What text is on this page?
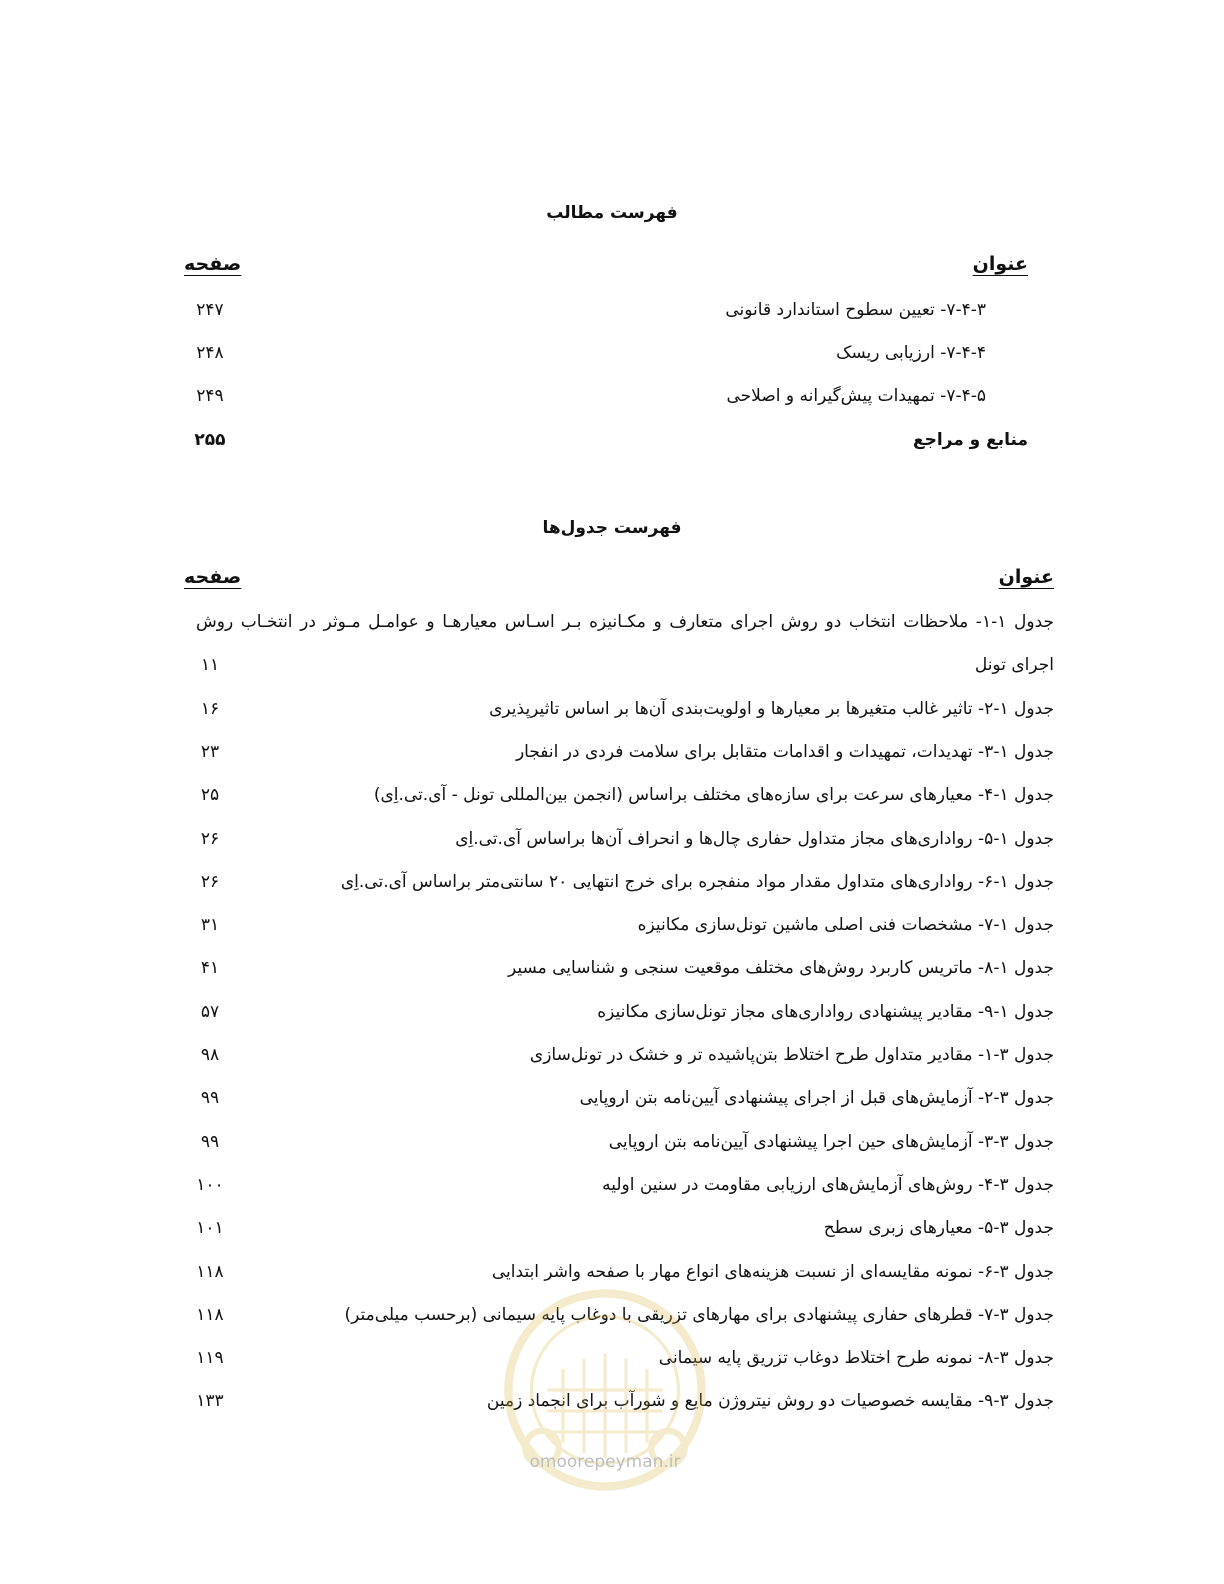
فهرست مطالب
عنوان
صفحه
۷-۴-۳- تعیین سطوح استاندارد قانونی
۲۴۷
۷-۴-۴- ارزیابی ریسک
۲۴۸
۷-۴-۵- تمهیدات پیش‌گیرانه و اصلاحی
۲۴۹
منابع و مراجع
۲۵۵
فهرست جدول‌ها
عنوان
صفحه
جدول ۱-۱- ملاحظات انتخاب دو روش اجرای متعارف و مکـانیزه بـر اسـاس معیارهـا و عوامـل مـوثر در انتخـاب روش
اجرای تونل
۱۱
جدول ۱-۲- تاثیر غالب متغیرها بر معیارها و اولویت‌بندی آن‌ها بر اساس تاثیرپذیری
۱۶
جدول ۱-۳- تهدیدات، تمهیدات و اقدامات متقابل برای سلامت فردی در انفجار
۲۳
جدول ۱-۴- معیارهای سرعت برای سازه‌های مختلف براساس (انجمن بین‌المللی تونل - آی.تی.اِی)
۲۵
جدول ۱-۵- رواداری‌های مجاز متداول حفاری چال‌ها و انحراف آن‌ها براساس آی.تی.اِی
۲۶
جدول ۱-۶- رواداری‌های متداول مقدار مواد منفجره برای خرج انتهایی ۲۰ سانتی‌متر براساس آی.تی.اِی
۲۶
جدول ۱-۷- مشخصات فنی اصلی ماشین تونل‌سازی مکانیزه
۳۱
جدول ۱-۸- ماتریس کاربرد روش‌های مختلف موقعیت سنجی و شناسایی مسیر
۴۱
جدول ۱-۹- مقادیر پیشنهادی رواداری‌های مجاز تونل‌سازی مکانیزه
۵۷
جدول ۳-۱- مقادیر متداول طرح اختلاط بتن‌پاشیده تر و خشک در تونل‌سازی
۹۸
جدول ۳-۲- آزمایش‌های قبل از اجرای پیشنهادی آیین‌نامه بتن اروپایی
۹۹
جدول ۳-۳- آزمایش‌های حین اجرا پیشنهادی آیین‌نامه بتن اروپایی
۹۹
جدول ۳-۴- روش‌های آزمایش‌های ارزیابی مقاومت در سنین اولیه
۱۰۰
جدول ۳-۵- معیارهای زبری سطح
۱۰۱
جدول ۳-۶- نمونه مقایسه‌ای از نسبت هزینه‌های انواع مهار با صفحه واشر ابتدایی
۱۱۸
جدول ۳-۷- قطرهای حفاری پیشنهادی برای مهارهای تزریقی با دوغاب پایه سیمانی (برحسب میلی‌متر)
۱۱۸
جدول ۳-۸- نمونه طرح اختلاط دوغاب تزریق پایه سیمانی
۱۱۹
جدول ۳-۹- مقایسه خصوصیات دو روش نیتروژن مایع و شورآب برای انجماد زمین
۱۳۳
omoorepeyman.ir
